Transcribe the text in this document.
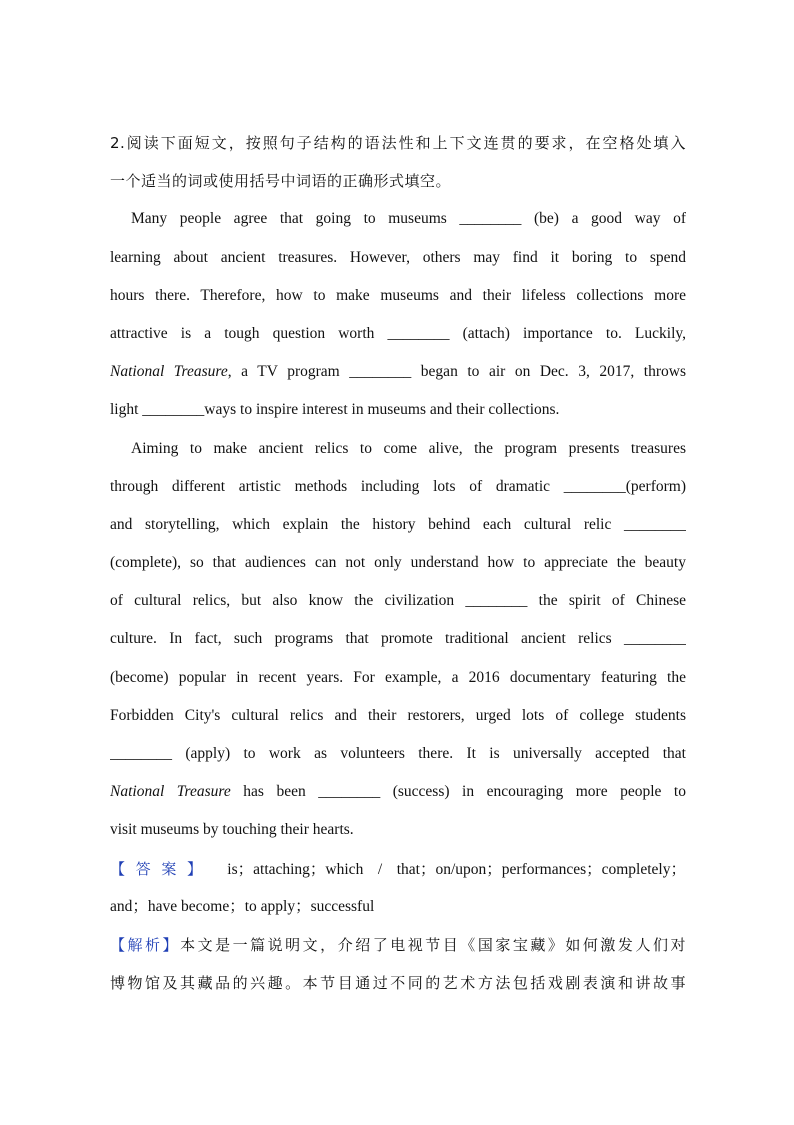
2.阅读下面短文，按照句子结构的语法性和上下文连贯的要求，在空格处填入
一个适当的词或使用括号中词语的正确形式填空。
Many people agree that going to museums ________ (be) a good way of
learning about ancient treasures. However, others may find it boring to spend
hours there. Therefore, how to make museums and their lifeless collections more
attractive is a tough question worth ________ (attach) importance to. Luckily,
National Treasure, a TV program ________ began to air on Dec. 3, 2017, throws
light ________ways to inspire interest in museums and their collections.
Aiming to make ancient relics to come alive, the program presents treasures
through different artistic methods including lots of dramatic ________(perform)
and storytelling, which explain the history behind each cultural relic ________
(complete), so that audiences can not only understand how to appreciate the beauty
of cultural relics, but also know the civilization ________ the spirit of Chinese
culture. In fact, such programs that promote traditional ancient relics ________
(become) popular in recent years. For example, a 2016 documentary featuring the
Forbidden City's cultural relics and their restorers, urged lots of college students
________ (apply) to work as volunteers there. It is universally accepted that
National Treasure has been ________ (success) in encouraging more people to
visit museums by touching their hearts.
【答案】 is；attaching；which / that；on/upon；performances；completely；
and；have become；to apply；successful
【解析】本文是一篇说明文，介绍了电视节目《国家宝藏》如何激发人们对
博物馆及其藏品的兴趣。本节目通过不同的艺术方法包括戏剧表演和讲故事
